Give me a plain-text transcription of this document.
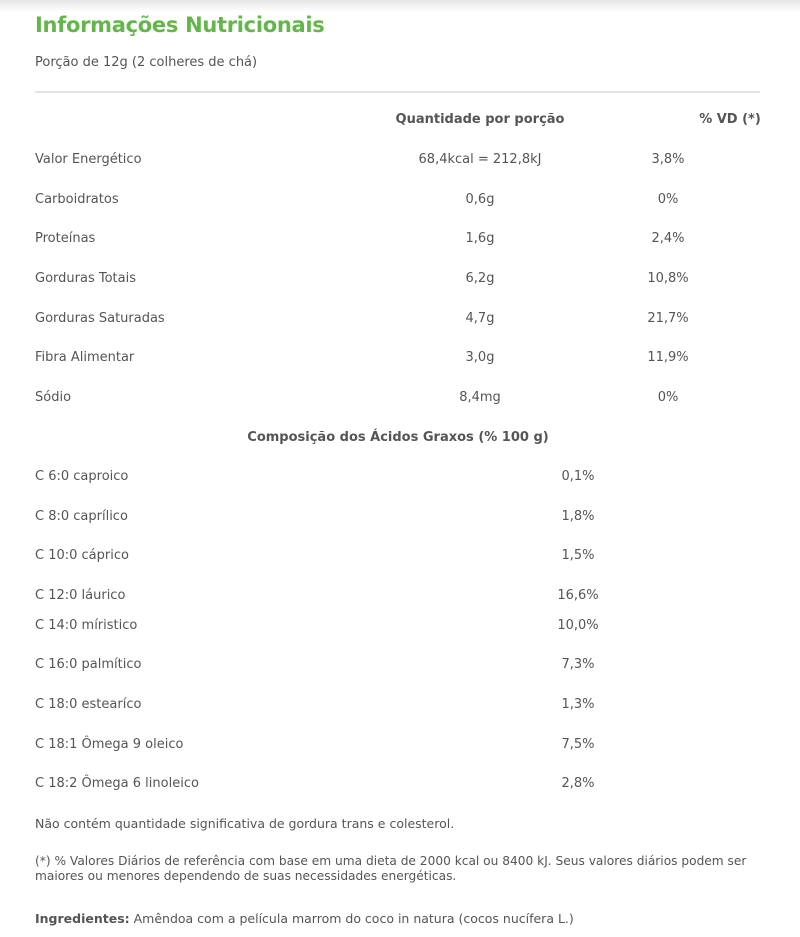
Informações Nutricionais
Porção de 12g (2 colheres de chá)
Quantidade por porção	% VD (*)
Valor Energético	68,4kcal = 212,8kJ	3,8%
Carboidratos	0,6g	0%
Proteínas	1,6g	2,4%
Gorduras Totais	6,2g	10,8%
Gorduras Saturadas	4,7g	21,7%
Fibra Alimentar	3,0g	11,9%
Sódio	8,4mg	0%
Composição dos Ácidos Graxos (% 100 g)
C 6:0 caproico	0,1%
C 8:0 caprílico	1,8%
C 10:0 cáprico	1,5%
C 12:0 láurico	16,6%
C 14:0 míristico	10,0%
C 16:0 palmítico	7,3%
C 18:0 estearíco	1,3%
C 18:1 Ômega 9 oleico	7,5%
C 18:2 Ômega 6 linoleico	2,8%
Não contém quantidade significativa de gordura trans e colesterol.
(*) % Valores Diários de referência com base em uma dieta de 2000 kcal ou 8400 kJ. Seus valores diários podem ser maiores ou menores dependendo de suas necessidades energéticas.
Ingredientes: Amêndoa com a película marrom do coco in natura (cocos nucífera L.)
